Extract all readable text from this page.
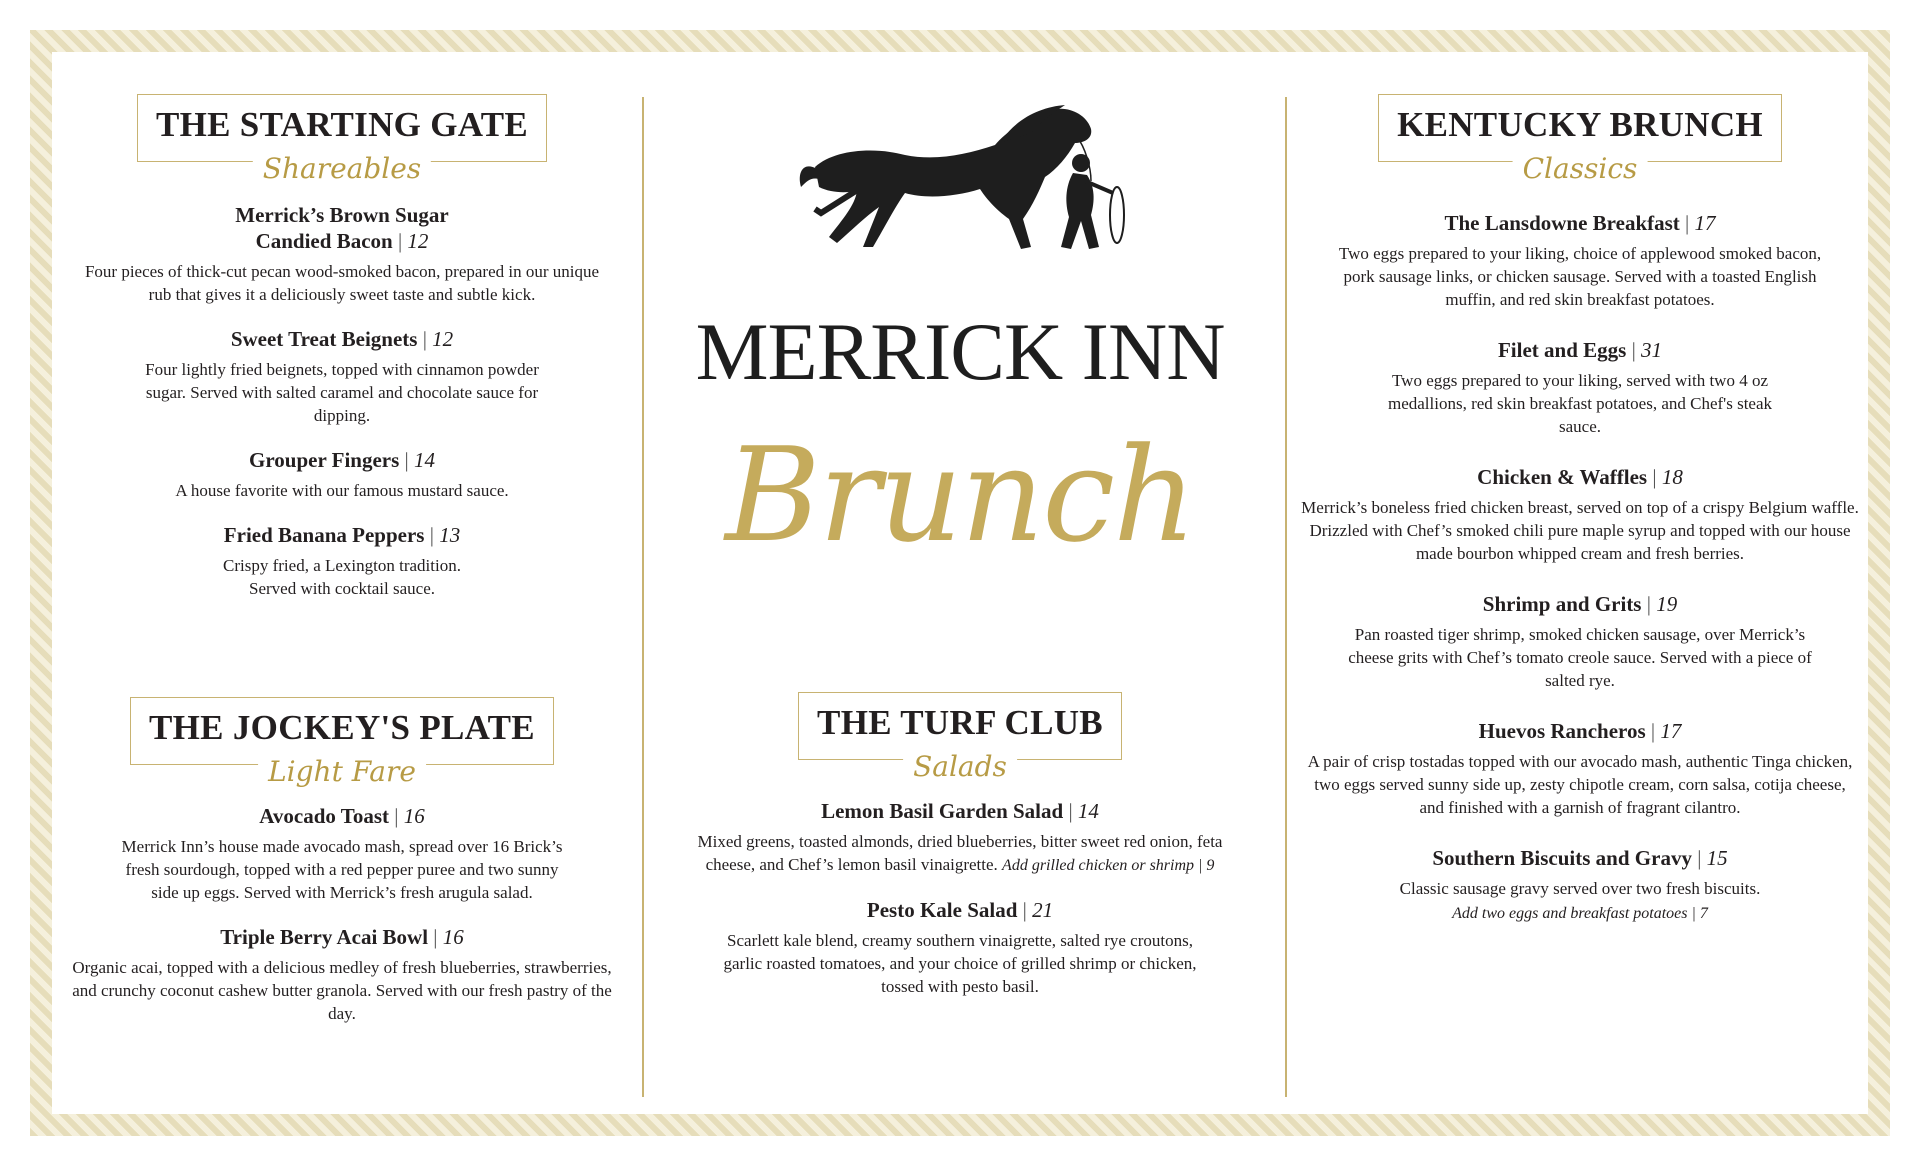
THE STARTING GATE
Shareables
Merrick’s Brown Sugar Candied Bacon | 12
Four pieces of thick-cut pecan wood-smoked bacon, prepared in our unique rub that gives it a deliciously sweet taste and subtle kick.
Sweet Treat Beignets | 12
Four lightly fried beignets, topped with cinnamon powder sugar. Served with salted caramel and chocolate sauce for dipping.
Grouper Fingers | 14
A house favorite with our famous mustard sauce.
Fried Banana Peppers | 13
Crispy fried, a Lexington tradition. Served with cocktail sauce.
THE JOCKEY'S PLATE
Light Fare
Avocado Toast | 16
Merrick Inn’s house made avocado mash, spread over 16 Brick’s fresh sourdough, topped with a red pepper puree and two sunny side up eggs. Served with Merrick’s fresh arugula salad.
Triple Berry Acai Bowl | 16
Organic acai, topped with a delicious medley of fresh blueberries, strawberries, and crunchy coconut cashew butter granola. Served with our fresh pastry of the day.
MERRICK INN
Brunch
THE TURF CLUB
Salads
Lemon Basil Garden Salad | 14
Mixed greens, toasted almonds, dried blueberries, bitter sweet red onion, feta cheese, and Chef’s lemon basil vinaigrette. Add grilled chicken or shrimp | 9
Pesto Kale Salad | 21
Scarlett kale blend, creamy southern vinaigrette, salted rye croutons, garlic roasted tomatoes, and your choice of grilled shrimp or chicken, tossed with pesto basil.
KENTUCKY BRUNCH
Classics
The Lansdowne Breakfast | 17
Two eggs prepared to your liking, choice of applewood smoked bacon, pork sausage links, or chicken sausage. Served with a toasted English muffin, and red skin breakfast potatoes.
Filet and Eggs | 31
Two eggs prepared to your liking, served with two 4 oz medallions, red skin breakfast potatoes, and Chef's steak sauce.
Chicken & Waffles | 18
Merrick’s boneless fried chicken breast, served on top of a crispy Belgium waffle. Drizzled with Chef’s smoked chili pure maple syrup and topped with our house made bourbon whipped cream and fresh berries.
Shrimp and Grits | 19
Pan roasted tiger shrimp, smoked chicken sausage, over Merrick’s cheese grits with Chef’s tomato creole sauce. Served with a piece of salted rye.
Huevos Rancheros | 17
A pair of crisp tostadas topped with our avocado mash, authentic Tinga chicken, two eggs served sunny side up, zesty chipotle cream, corn salsa, cotija cheese, and finished with a garnish of fragrant cilantro.
Southern Biscuits and Gravy | 15
Classic sausage gravy served over two fresh biscuits.
Add two eggs and breakfast potatoes | 7
